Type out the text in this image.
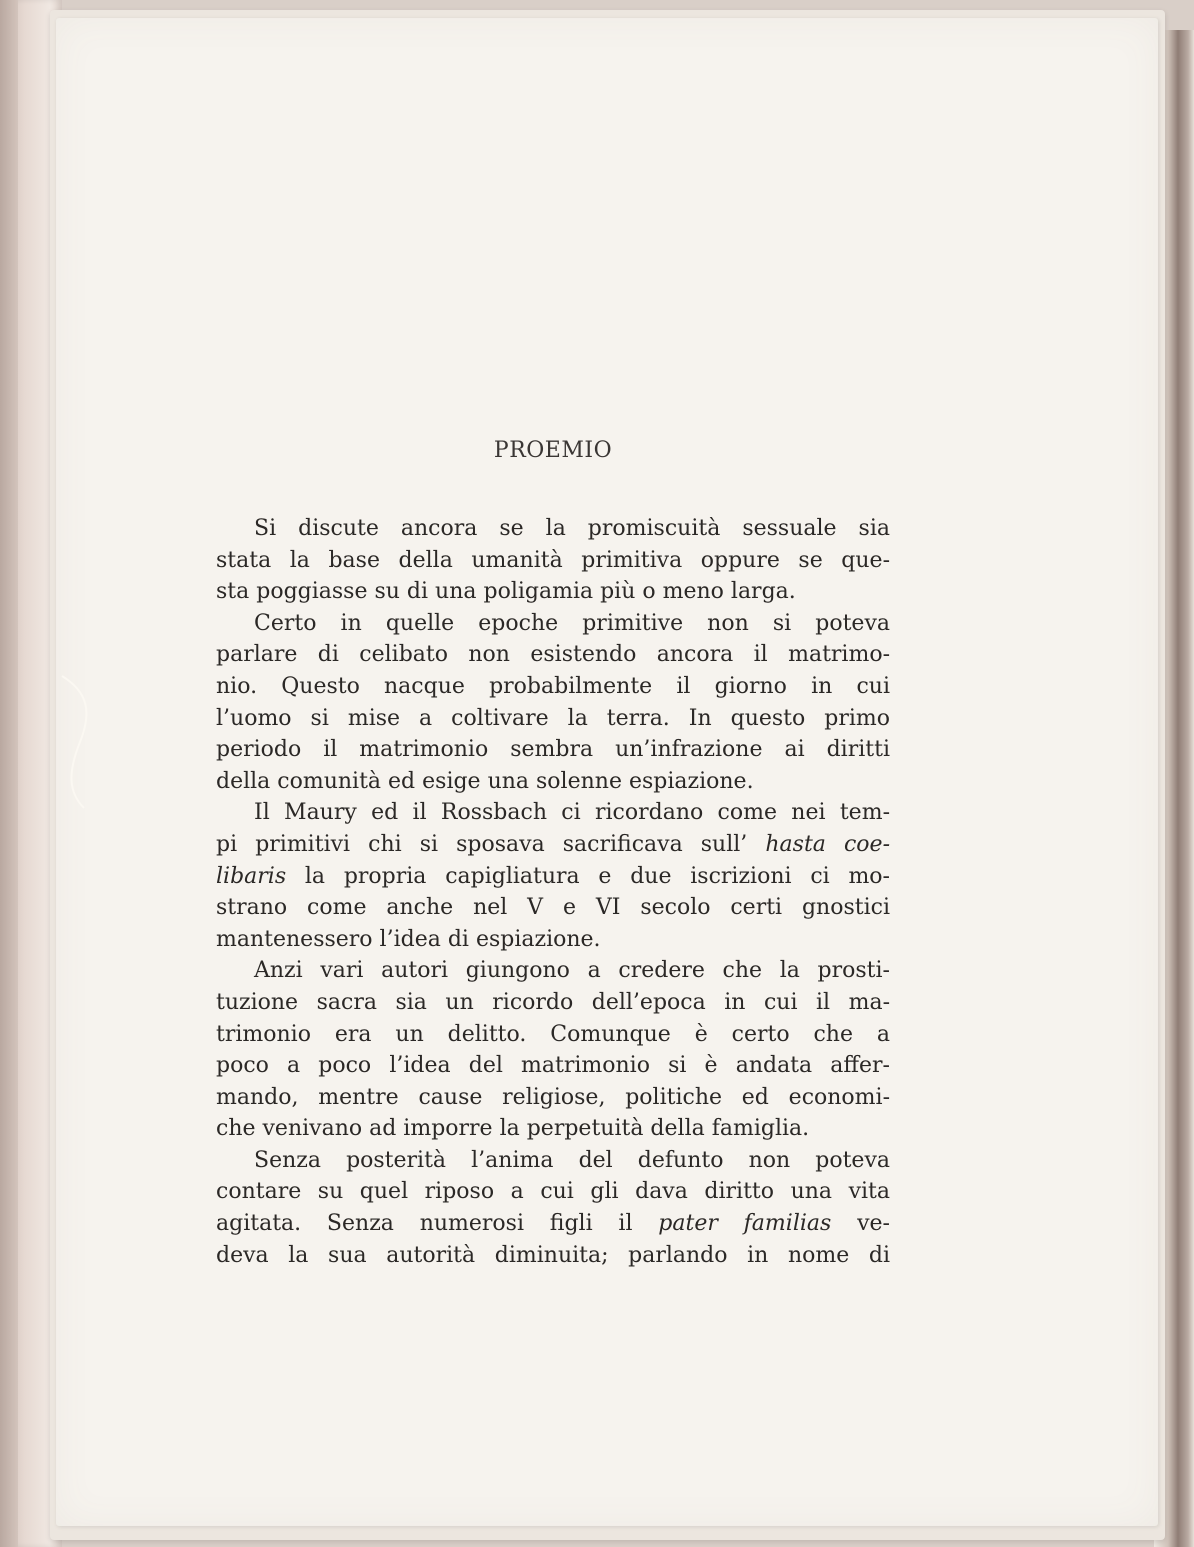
PROEMIO
Si discute ancora se la promiscuità sessuale sia
stata la base della umanità primitiva oppure se que-
sta poggiasse su di una poligamia più o meno larga.
Certo in quelle epoche primitive non si poteva
parlare di celibato non esistendo ancora il matrimo-
nio. Questo nacque probabilmente il giorno in cui
l’uomo si mise a coltivare la terra. In questo primo
periodo il matrimonio sembra un’infrazione ai diritti
della comunità ed esige una solenne espiazione.
Il Maury ed il Rossbach ci ricordano come nei tem-
pi primitivi chi si sposava sacrificava sull’ hasta coe-
libaris la propria capigliatura e due iscrizioni ci mo-
strano come anche nel V e VI secolo certi gnostici
mantenessero l’idea di espiazione.
Anzi vari autori giungono a credere che la prosti-
tuzione sacra sia un ricordo dell’epoca in cui il ma-
trimonio era un delitto. Comunque è certo che a
poco a poco l’idea del matrimonio si è andata affer-
mando, mentre cause religiose, politiche ed economi-
che venivano ad imporre la perpetuità della famiglia.
Senza posterità l’anima del defunto non poteva
contare su quel riposo a cui gli dava diritto una vita
agitata. Senza numerosi figli il pater familias ve-
deva la sua autorità diminuita; parlando in nome di
